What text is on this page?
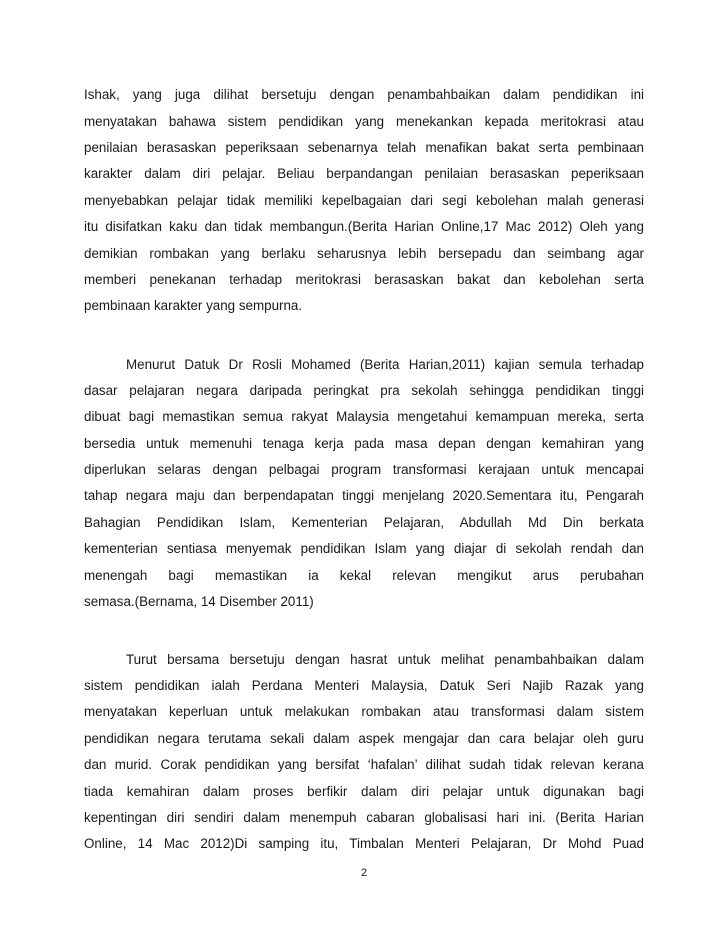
Ishak, yang juga dilihat bersetuju dengan penambahbaikan dalam pendidikan ini
menyatakan bahawa sistem pendidikan yang menekankan kepada meritokrasi atau
penilaian berasaskan peperiksaan sebenarnya telah menafikan bakat serta pembinaan
karakter dalam diri pelajar. Beliau berpandangan penilaian berasaskan peperiksaan
menyebabkan pelajar tidak memiliki kepelbagaian dari segi kebolehan malah generasi
itu disifatkan kaku dan tidak membangun.(Berita Harian Online,17 Mac 2012) Oleh yang
demikian rombakan yang berlaku seharusnya lebih bersepadu dan seimbang agar
memberi penekanan terhadap meritokrasi berasaskan bakat dan kebolehan serta
pembinaan karakter yang sempurna.
Menurut Datuk Dr Rosli Mohamed (Berita Harian,2011) kajian semula terhadap
dasar pelajaran negara daripada peringkat pra sekolah sehingga pendidikan tinggi
dibuat bagi memastikan semua rakyat Malaysia mengetahui kemampuan mereka, serta
bersedia untuk memenuhi tenaga kerja pada masa depan dengan kemahiran yang
diperlukan selaras dengan pelbagai program transformasi kerajaan untuk mencapai
tahap negara maju dan berpendapatan tinggi menjelang 2020.Sementara itu, Pengarah
Bahagian Pendidikan Islam, Kementerian Pelajaran, Abdullah Md Din berkata
kementerian sentiasa menyemak pendidikan Islam yang diajar di sekolah rendah dan
menengah bagi memastikan ia kekal relevan mengikut arus perubahan
semasa.(Bernama, 14 Disember 2011)
Turut bersama bersetuju dengan hasrat untuk melihat penambahbaikan dalam
sistem pendidikan ialah Perdana Menteri Malaysia, Datuk Seri Najib Razak yang
menyatakan keperluan untuk melakukan rombakan atau transformasi dalam sistem
pendidikan negara terutama sekali dalam aspek mengajar dan cara belajar oleh guru
dan murid. Corak pendidikan yang bersifat ‘hafalan’ dilihat sudah tidak relevan kerana
tiada kemahiran dalam proses berfikir dalam diri pelajar untuk digunakan bagi
kepentingan diri sendiri dalam menempuh cabaran globalisasi hari ini. (Berita Harian
Online, 14 Mac 2012)Di samping itu, Timbalan Menteri Pelajaran, Dr Mohd Puad
2
